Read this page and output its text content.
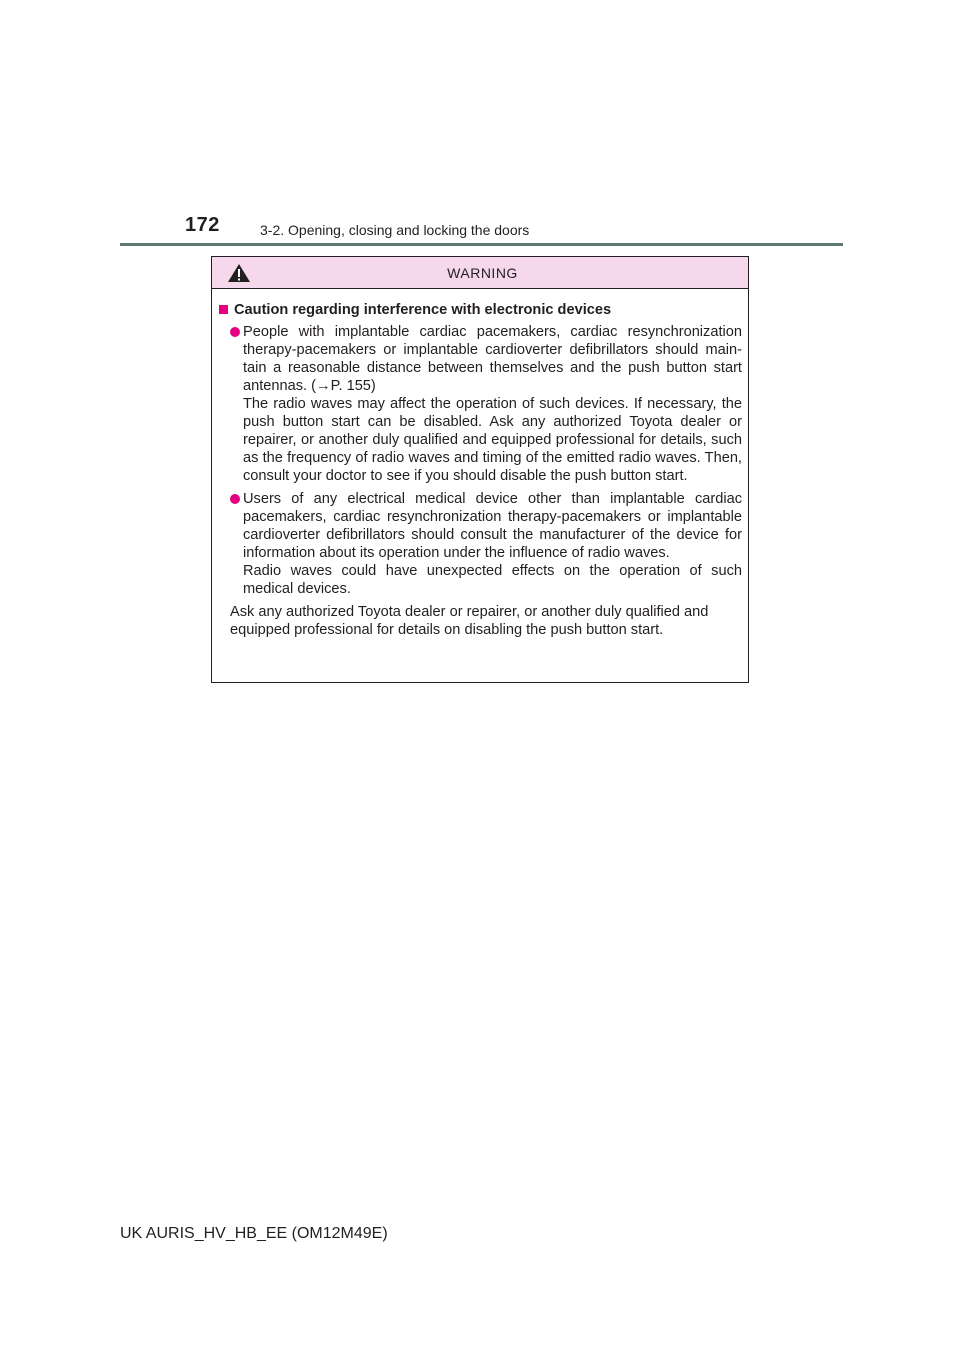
172	3-2. Opening, closing and locking the doors
WARNING
Caution regarding interference with electronic devices

People with implantable cardiac pacemakers, cardiac resynchronization therapy-pacemakers or implantable cardioverter defibrillators should main-tain a reasonable distance between themselves and the push button start antennas. (→P. 155)

The radio waves may affect the operation of such devices. If necessary, the push button start can be disabled. Ask any authorized Toyota dealer or repairer, or another duly qualified and equipped professional for details, such as the frequency of radio waves and timing of the emitted radio waves. Then, consult your doctor to see if you should disable the push button start.

Users of any electrical medical device other than implantable cardiac pacemakers, cardiac resynchronization therapy-pacemakers or implantable cardioverter defibrillators should consult the manufacturer of the device for information about its operation under the influence of radio waves.

Radio waves could have unexpected effects on the operation of such medical devices.

Ask any authorized Toyota dealer or repairer, or another duly qualified and equipped professional for details on disabling the push button start.

UK AURIS_HV_HB_EE (OM12M49E)
